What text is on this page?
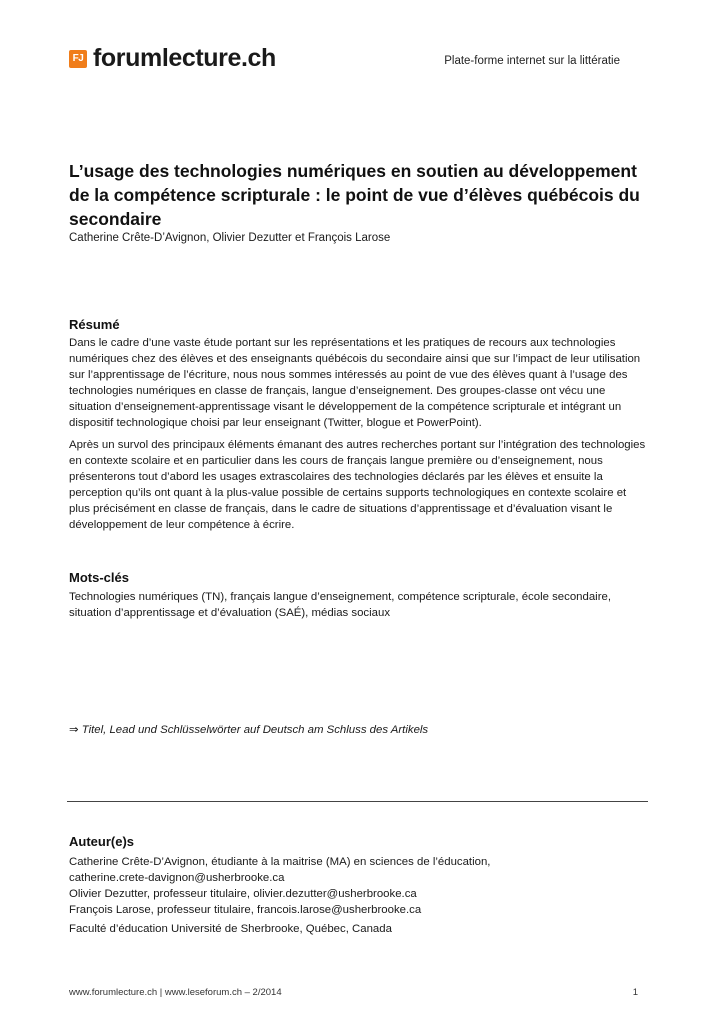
FJ forumlecture.ch	Plate-forme internet sur la littératie
L’usage des technologies numériques en soutien au développement de la compétence scripturale : le point de vue d’élèves québécois du secondaire
Catherine Crête-D’Avignon, Olivier Dezutter et François Larose
Résumé

Dans le cadre d’une vaste étude portant sur les représentations et les pratiques de recours aux technologies numériques chez des élèves et des enseignants québécois du secondaire ainsi que sur l’impact de leur utilisation sur l’apprentissage de l’écriture, nous nous sommes intéressés au point de vue des élèves quant à l’usage des technologies numériques en classe de français, langue d’enseignement. Des groupes-classe ont vécu une situation d’enseignement-apprentissage visant le développement de la compétence scripturale et intégrant un dispositif technologique choisi par leur enseignant (Twitter, blogue et PowerPoint).

Après un survol des principaux éléments émanant des autres recherches portant sur l’intégration des technologies en contexte scolaire et en particulier dans les cours de français langue première ou d’enseignement, nous présenterons tout d’abord les usages extrascolaires des technologies déclarés par les élèves et ensuite la perception qu’ils ont quant à la plus-value possible de certains supports technologiques en contexte scolaire et plus précisément en classe de français, dans le cadre de situations d’apprentissage et d’évaluation visant le développement de leur compétence à écrire.

Mots-clés
Technologies numériques (TN), français langue d’enseignement, compétence scripturale, école secondaire, situation d’apprentissage et d’évaluation (SAÉ), médias sociaux
⇒ Titel, Lead und Schlüsselwörter auf Deutsch am Schluss des Artikels
Auteur(e)s
Catherine Crête-D’Avignon, étudiante à la maitrise (MA) en sciences de l’éducation,
catherine.crete-davignon@usherbrooke.ca
Olivier Dezutter, professeur titulaire, olivier.dezutter@usherbrooke.ca
François Larose, professeur titulaire, francois.larose@usherbrooke.ca
Faculté d’éducation Université de Sherbrooke, Québec, Canada
www.forumlecture.ch | www.leseforum.ch – 2/2014	1
